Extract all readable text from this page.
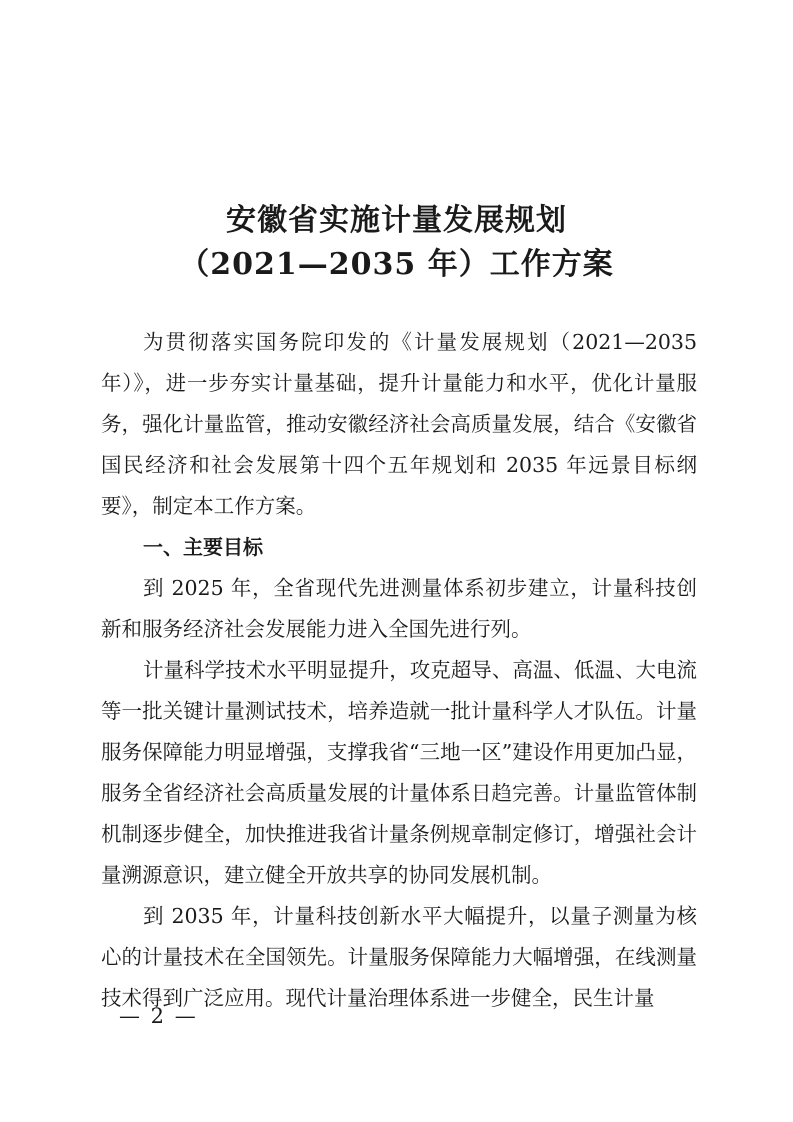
安徽省实施计量发展规划
（2021—2035 年）工作方案

为贯彻落实国务院印发的《计量发展规划（2021—2035 年）》，进一步夯实计量基础，提升计量能力和水平，优化计量服务，强化计量监管，推动安徽经济社会高质量发展，结合《安徽省国民经济和社会发展第十四个五年规划和 2035 年远景目标纲要》，制定本工作方案。

一、主要目标

到 2025 年，全省现代先进测量体系初步建立，计量科技创新和服务经济社会发展能力进入全国先进行列。

计量科学技术水平明显提升，攻克超导、高温、低温、大电流等一批关键计量测试技术，培养造就一批计量科学人才队伍。计量服务保障能力明显增强，支撑我省“三地一区”建设作用更加凸显，服务全省经济社会高质量发展的计量体系日趋完善。计量监管体制机制逐步健全，加快推进我省计量条例规章制定修订，增强社会计量溯源意识，建立健全开放共享的协同发展机制。

到 2035 年，计量科技创新水平大幅提升，以量子测量为核心的计量技术在全国领先。计量服务保障能力大幅增强，在线测量技术得到广泛应用。现代计量治理体系进一步健全，民生计量

— 2 —
